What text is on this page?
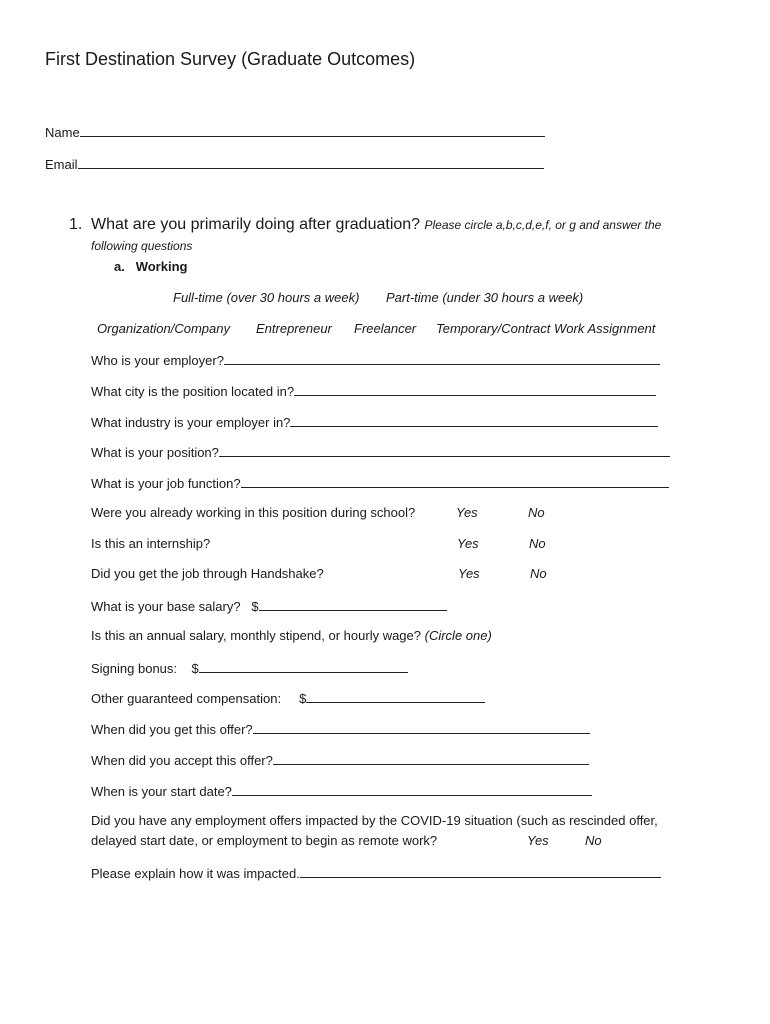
First Destination Survey (Graduate Outcomes)
Name
Email
1. What are you primarily doing after graduation? Please circle a,b,c,d,e,f, or g and answer the
following questions
a. Working
Full-time (over 30 hours a week) Part-time (under 30 hours a week)
Organization/Company Entrepreneur Freelancer Temporary/Contract Work Assignment
Who is your employer?
What city is the position located in?
What industry is your employer in?
What is your position?
What is your job function?
Were you already working in this position during school?	Yes	No
Is this an internship?	Yes	No
Did you get the job through Handshake?	Yes	No
What is your base salary? $
Is this an annual salary, monthly stipend, or hourly wage? (Circle one)
Signing bonus: $
Other guaranteed compensation: $
When did you get this offer?
When did you accept this offer?
When is your start date?
Did you have any employment offers impacted by the COVID-19 situation (such as rescinded offer,
delayed start date, or employment to begin as remote work?	Yes	No
Please explain how it was impacted.
